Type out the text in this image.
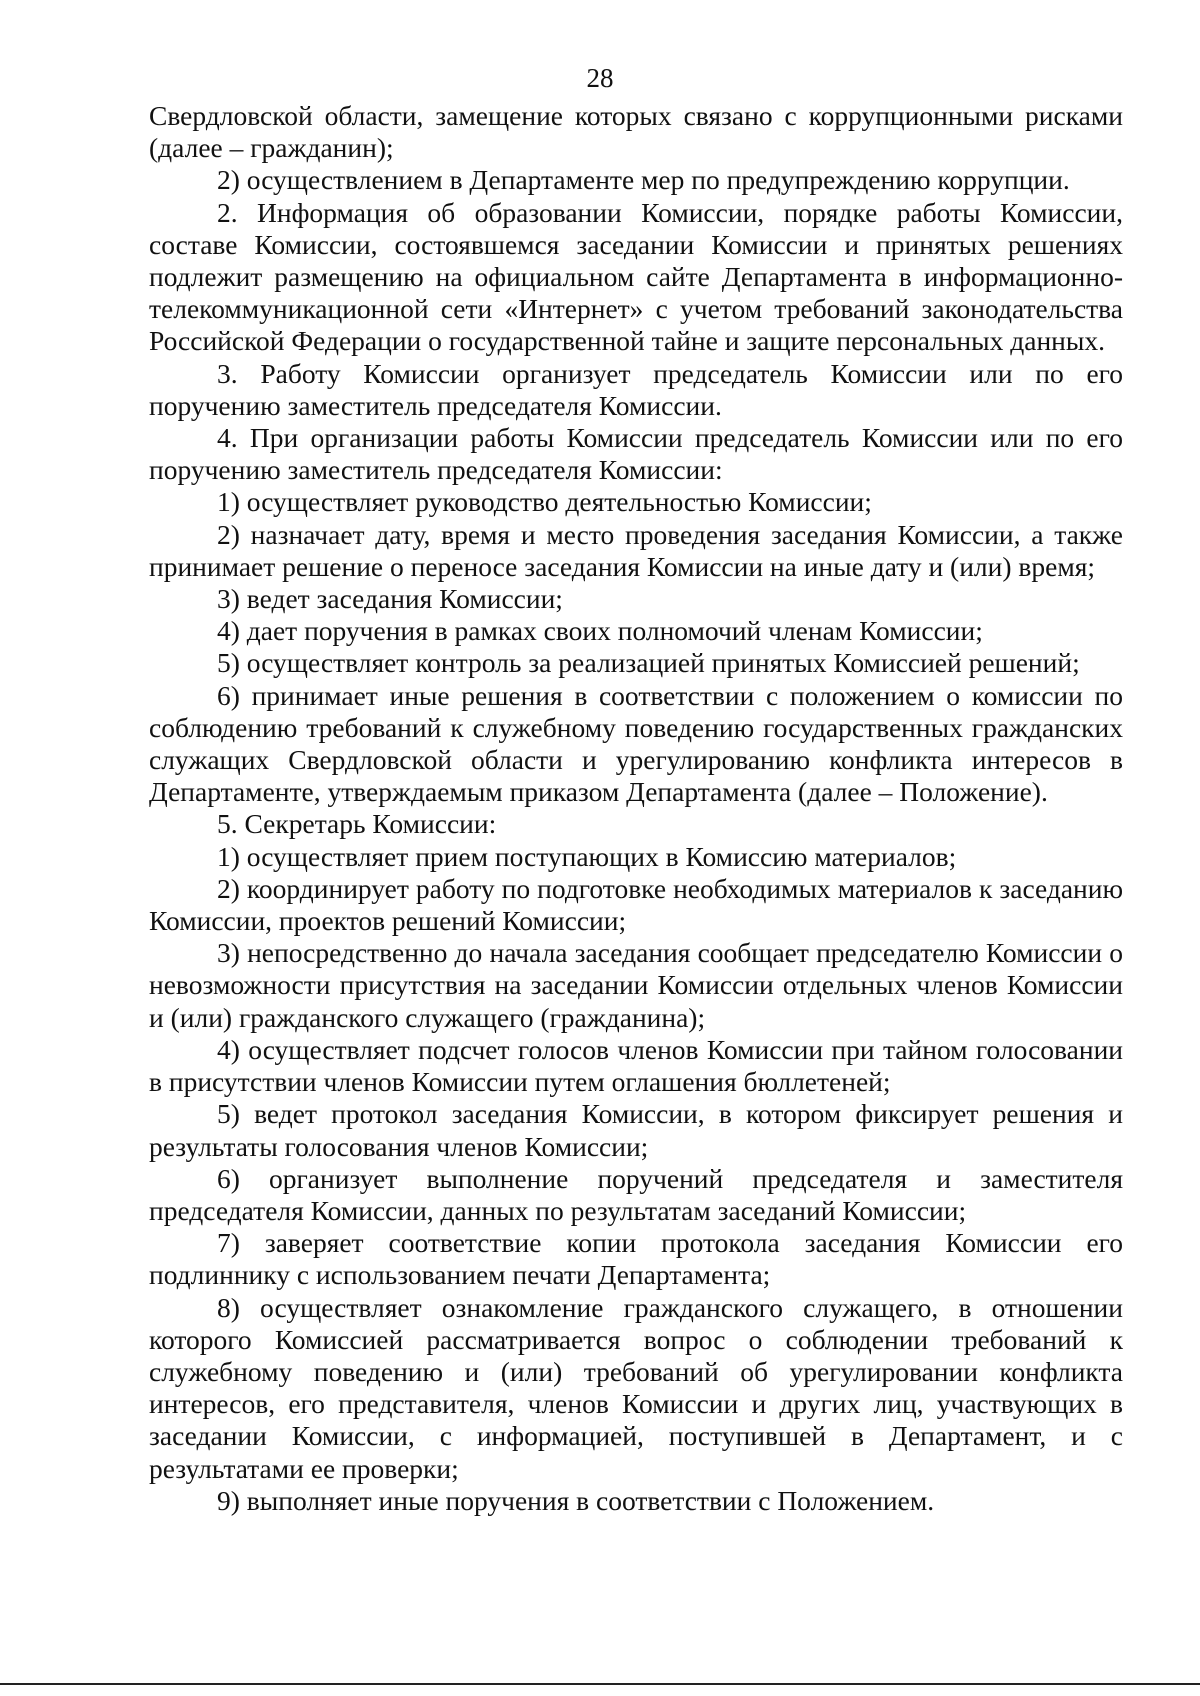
28

Свердловской области, замещение которых связано с коррупционными рисками (далее – гражданин);

2) осуществлением в Департаменте мер по предупреждению коррупции.

2. Информация об образовании Комиссии, порядке работы Комиссии, составе Комиссии, состоявшемся заседании Комиссии и принятых решениях подлежит размещению на официальном сайте Департамента в информационно-телекоммуникационной сети «Интернет» с учетом требований законодательства Российской Федерации о государственной тайне и защите персональных данных.

3. Работу Комиссии организует председатель Комиссии или по его поручению заместитель председателя Комиссии.

4. При организации работы Комиссии председатель Комиссии или по его поручению заместитель председателя Комиссии:

1) осуществляет руководство деятельностью Комиссии;

2) назначает дату, время и место проведения заседания Комиссии, а также принимает решение о переносе заседания Комиссии на иные дату и (или) время;

3) ведет заседания Комиссии;

4) дает поручения в рамках своих полномочий членам Комиссии;

5) осуществляет контроль за реализацией принятых Комиссией решений;

6) принимает иные решения в соответствии с положением о комиссии по соблюдению требований к служебному поведению государственных гражданских служащих Свердловской области и урегулированию конфликта интересов в Департаменте, утверждаемым приказом Департамента (далее – Положение).

5. Секретарь Комиссии:

1) осуществляет прием поступающих в Комиссию материалов;

2) координирует работу по подготовке необходимых материалов к заседанию Комиссии, проектов решений Комиссии;

3) непосредственно до начала заседания сообщает председателю Комиссии о невозможности присутствия на заседании Комиссии отдельных членов Комиссии и (или) гражданского служащего (гражданина);

4) осуществляет подсчет голосов членов Комиссии при тайном голосовании в присутствии членов Комиссии путем оглашения бюллетеней;

5) ведет протокол заседания Комиссии, в котором фиксирует решения и результаты голосования членов Комиссии;

6) организует выполнение поручений председателя и заместителя председателя Комиссии, данных по результатам заседаний Комиссии;

7) заверяет соответствие копии протокола заседания Комиссии его подлиннику с использованием печати Департамента;

8) осуществляет ознакомление гражданского служащего, в отношении которого Комиссией рассматривается вопрос о соблюдении требований к служебному поведению и (или) требований об урегулировании конфликта интересов, его представителя, членов Комиссии и других лиц, участвующих в заседании Комиссии, с информацией, поступившей в Департамент, и с результатами ее проверки;

9) выполняет иные поручения в соответствии с Положением.
